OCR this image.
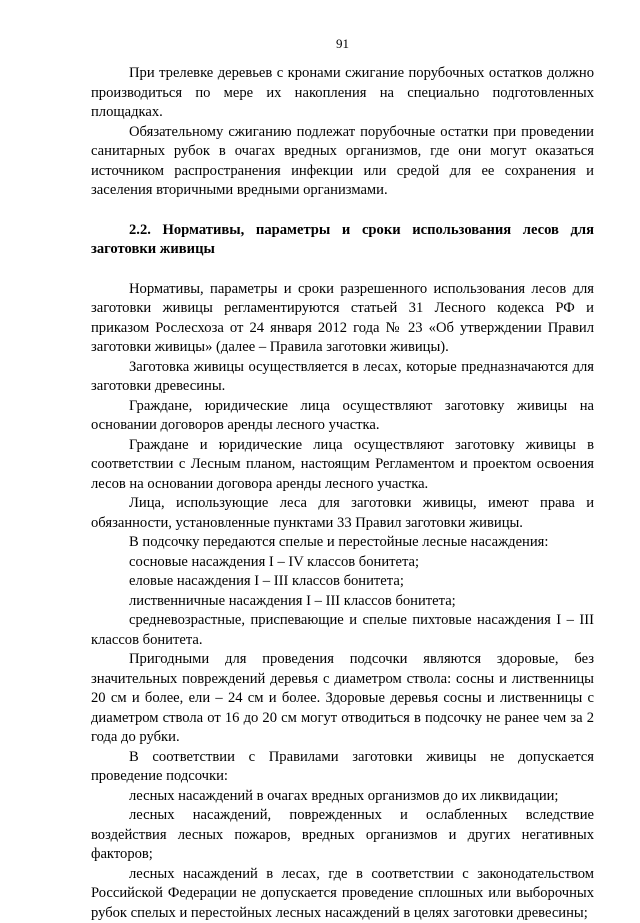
91

При трелевке деревьев с кронами сжигание порубочных остатков должно производиться по мере их накопления на специально подготовленных площадках.

Обязательному сжиганию подлежат порубочные остатки при проведении санитарных рубок в очагах вредных организмов, где они могут оказаться источником распространения инфекции или средой для ее сохранения и заселения вторичными вредными организмами.

2.2. Нормативы, параметры и сроки использования лесов для заготовки живицы

Нормативы, параметры и сроки разрешенного использования лесов для заготовки живицы регламентируются статьей 31 Лесного кодекса РФ и приказом Рослесхоза от 24 января 2012 года № 23 «Об утверждении Правил заготовки живицы» (далее – Правила заготовки живицы).

Заготовка живицы осуществляется в лесах, которые предназначаются для заготовки древесины.

Граждане, юридические лица осуществляют заготовку живицы на основании договоров аренды лесного участка.

Граждане и юридические лица осуществляют заготовку живицы в соответствии с Лесным планом, настоящим Регламентом и проектом освоения лесов на основании договора аренды лесного участка.

Лица, использующие леса для заготовки живицы, имеют права и обязанности, установленные пунктами 33 Правил заготовки живицы.

В подсочку передаются спелые и перестойные лесные насаждения:

сосновые насаждения I – IV классов бонитета;

еловые насаждения I – III классов бонитета;

лиственничные насаждения I – III классов бонитета;

средневозрастные, приспевающие и спелые пихтовые насаждения I – III классов бонитета.

Пригодными для проведения подсочки являются здоровые, без значительных повреждений деревья с диаметром ствола: сосны и лиственницы 20 см и более, ели – 24 см и более. Здоровые деревья сосны и лиственницы с диаметром ствола от 16 до 20 см могут отводиться в подсочку не ранее чем за 2 года до рубки.

В соответствии с Правилами заготовки живицы не допускается проведение подсочки:

лесных насаждений в очагах вредных организмов до их ликвидации;

лесных насаждений, поврежденных и ослабленных вследствие воздействия лесных пожаров, вредных организмов и других негативных факторов;

лесных насаждений в лесах, где в соответствии с законодательством Российской Федерации не допускается проведение сплошных или выборочных рубок спелых и перестойных лесных насаждений в целях заготовки древесины;
